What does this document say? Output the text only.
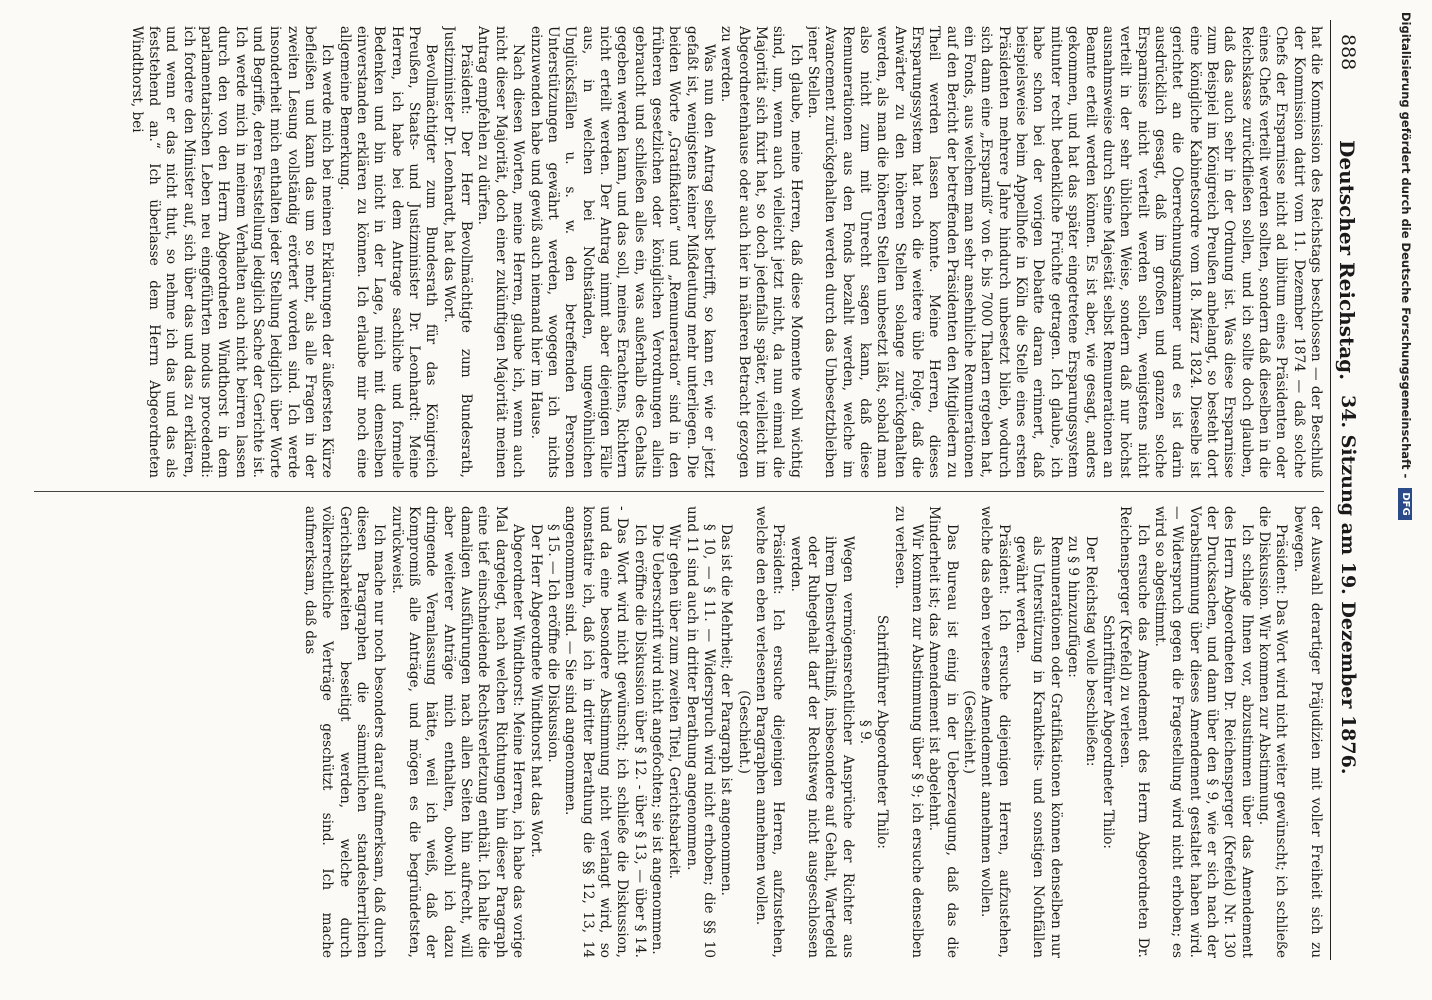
888
Deutscher Reichstag.
34. Sitzung am 19. Dezember 1876.

hat die Kommission des Reichstags beschlossen — der Beschluß der Kommission datirt vom 11. Dezember 1874 — daß solche Chefs der Ersparnisse nicht ad libitum eines Präsidenten oder eines Chefs verteilt werden sollten, sondern daß dieselben in die Reichskasse zurückfließen sollen, und ich sollte doch glauben, daß das auch sehr in der Ordnung ist. Was diese Ersparnisse zum Beispiel im Königreich Preußen anbelangt, so besteht dort eine königliche Kabinetsordre vom 18. März 1824. Dieselbe ist gerichtet an die Oberrechnungskammer und es ist darin ausdrücklich gesagt, daß im großen und ganzen solche Ersparnisse nicht verteilt werden sollen, wenigstens nicht verteilt in der sehr üblichen Weise, sondern daß nur höchst ausnahmsweise durch Seine Majestät selbst Remunerationen an Beamte erteilt werden können. Es ist aber, wie gesagt, anders gekommen, und hat das später eingetretene Ersparungssystem mitunter recht bedenkliche Früchte getragen. Ich glaube, ich habe schon bei der vorigen Debatte daran erinnert, daß beispielsweise beim Appellhofe in Köln die Stelle eines ersten Präsidenten mehrere Jahre hindurch unbesetzt blieb, wodurch sich dann eine „Ersparniß“ von 6- bis 7000 Thalern ergeben hat, ein Fonds, aus welchem man sehr ansehnliche Remunerationen auf den Bericht der betreffenden Präsidenten den Mitgliedern zu Theil werden lassen konnte. Meine Herren, dieses Ersparungssystem hat noch die weitere üble Folge, daß die Anwärter zu den höheren Stellen solange zurückgehalten werden, als man die höheren Stellen unbesetzt läßt, sobald man also nicht zum mit Unrecht sagen kann, daß diese Remunerationen aus den Fonds bezahlt werden, welche im Avancement zurückgehalten werden durch das Unbesetztbleiben jener Stellen.

Ich glaube, meine Herren, daß diese Momente wohl wichtig sind, um, wenn auch vielleicht jetzt nicht, da nun einmal die Majorität sich fixirt hat, so doch jedenfalls später, vielleicht im Abgeordnetenhause oder auch hier in näheren Betracht gezogen zu werden.

Was nun den Antrag selbst betrifft, so kann er, wie er jetzt gefaßt ist, wenigstens keiner Mißdeutung mehr unterliegen. Die beiden Worte „Gratifikation“ und „Remuneration“ sind in den früheren gesetzlichen oder königlichen Verordnungen allein gebraucht und schließen alles ein, was außerhalb des Gehalts gegeben werden kann, und das soll, meines Erachtens, Richtern nicht erteilt werden. Der Antrag nimmt aber diejenigen Fälle aus, in welchen bei Nothständen, ungewöhnlichen Unglücksfällen u. s. w. den betreffenden Personen Unterstützungen gewährt werden, wogegen ich nichts einzuwenden habe und gewiß auch niemand hier im Hause.

Nach diesen Worten, meine Herren, glaube ich, wenn auch nicht dieser Majorität, doch einer zukünftigen Majorität meinen Antrag empfehlen zu dürfen.

Präsident: Der Herr Bevollmächtigte zum Bundesrath, Justizminister Dr. Leonhardt, hat das Wort.

Bevollmächtigter zum Bundesrath für das Königreich Preußen, Staats- und Justizminister Dr. Leonhardt: Meine Herren, ich habe bei dem Antrage sachliche und formelle Bedenken und bin nicht in der Lage, mich mit demselben einverstanden erklären zu können. Ich erlaube mir noch eine allgemeine Bemerkung.

Ich werde mich bei meinen Erklärungen der äußersten Kürze befleißen und kann das um so mehr, als alle Fragen in der zweiten Lesung vollständig erörtert worden sind. Ich werde insonderheit mich enthalten jeder Stellung lediglich über Worte und Begriffe, deren Feststellung lediglich Sache der Gerichte ist. Ich werde mich in meinem Verhalten auch nicht beirren lassen durch den von den Herrn Abgeordneten Windthorst in dem parlamentarischen Leben neu eingeführten modus procedendi: ich fordere den Minister auf, sich über das und das zu erklären, und wenn er das nicht thut, so nehme ich das und das als feststehend an.“ Ich überlasse dem Herrn Abgeordneten Windthorst, bei

der Auswahl derartiger Präjudizien mit voller Freiheit sich zu bewegen.

Präsident: Das Wort wird nicht weiter gewünscht; ich schließe die Diskussion. Wir kommen zur Abstimmung.

Ich schlage Ihnen vor, abzustimmen über das Amendement des Herrn Abgeordneten Dr. Reichensperger (Krefeld) Nr. 130 der Drucksachen, und dann über den § 9, wie er sich nach der Vorabstimmung über dieses Amendement gestaltet haben wird. — Widerspruch gegen die Fragestellung wird nicht erhoben; es wird so abgestimmt.

Ich ersuche das Amendement des Herrn Abgeordneten Dr. Reichensperger (Krefeld) zu verlesen.

Schriftführer Abgeordneter Thilo:

Der Reichstag wolle beschließen:

zu § 9 hinzuzufügen:

Remunerationen oder Gratifikationen können denselben nur als Unterstützung in Krankheits- und sonstigen Nothfällen gewährt werden.

Präsident: Ich ersuche diejenigen Herren, aufzustehen, welche das eben verlesene Amendement annehmen wollen.

(Geschieht.)

Das Bureau ist einig in der Ueberzeugung, daß das die Minderheit ist; das Amendement ist abgelehnt.

Wir kommen zur Abstimmung über § 9; ich ersuche denselben zu verlesen.

Schriftführer Abgeordneter Thilo:

§ 9.

Wegen vermögensrechtlicher Ansprüche der Richter aus ihrem Dienstverhältniß, insbesondere auf Gehalt, Wartegeld oder Ruhegehalt darf der Rechtsweg nicht ausgeschlossen werden.

Präsident: Ich ersuche diejenigen Herren, aufzustehen, welche den eben verlesenen Paragraphen annehmen wollen.

(Geschieht.)

Das ist die Mehrheit; der Paragraph ist angenommen.

§ 10, — § 11. — Widerspruch wird nicht erhoben; die §§ 10 und 11 sind auch in dritter Berathung angenommen.

Wir gehen über zum zweiten Titel, Gerichtsbarkeit.

Die Ueberschrift wird nicht angefochten; sie ist angenommen.

Ich eröffne die Diskussion über § 12. - über § 13, — über § 14. - Das Wort wird nicht gewünscht; ich schließe die Diskussion, und da eine besondere Abstimmung nicht verlangt wird, so konstatire ich, daß ich in dritter Berathung die §§ 12, 13, 14 angenommen sind. — Sie sind angenommen.

§ 15. — Ich eröffne die Diskussion.

Der Herr Abgeordnete Windthorst hat das Wort.

Abgeordneter Windthorst: Meine Herren, ich habe das vorige Mal dargelegt, nach welchen Richtungen hin dieser Paragraph eine tief einschneidende Rechtsverletzung enthält. Ich halte die damaligen Ausführungen nach allen Seiten hin aufrecht, will aber weiterer Anträge mich enthalten, obwohl ich dazu dringende Veranlassung hätte, weil ich weiß, daß der Kompromiß alle Anträge, und mögen es die begründetsten, zurückweist.

Ich mache nur noch besonders darauf aufmerksam, daß durch diesen Paragraphen die sämmtlichen standesherrlichen Gerichtsbarkeiten beseitigt werden, welche durch völkerrechtliche Verträge geschützt sind. Ich mache aufmerksam, daß das

Digitalisierung gefördert durch die Deutsche Forschungsgemeinschaft -DFG
